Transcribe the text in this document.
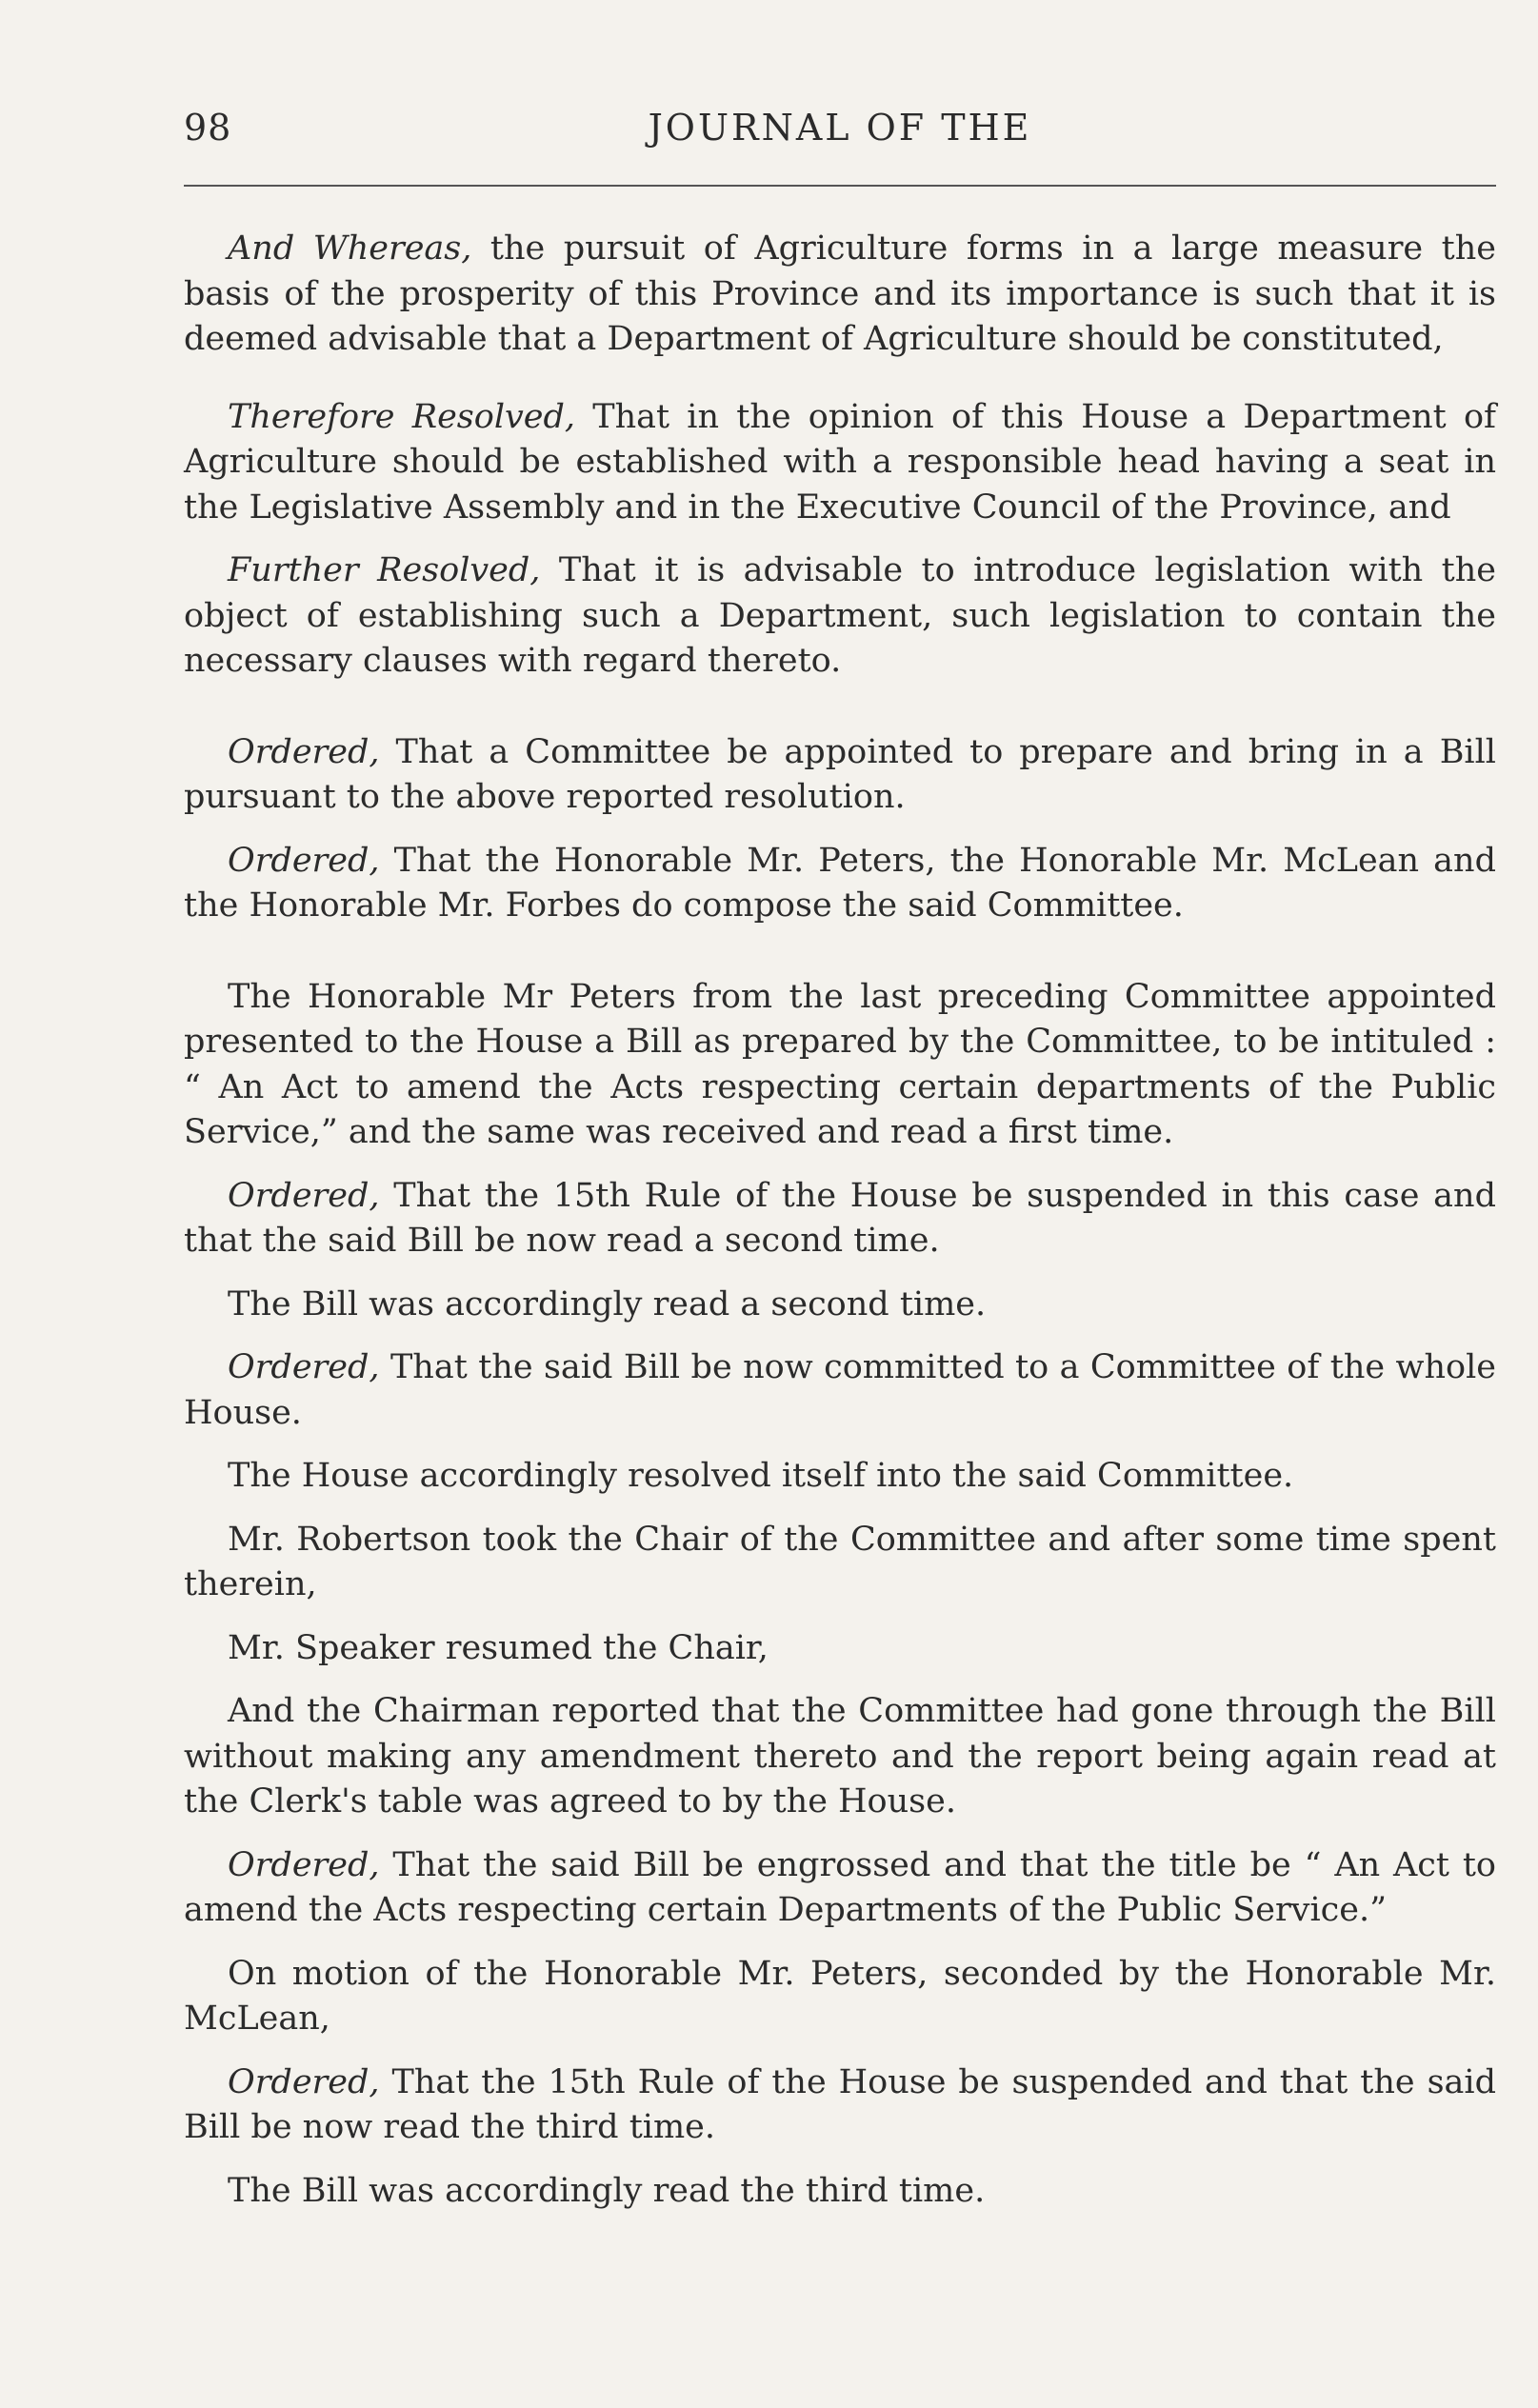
JOURNAL OF THE
98

And Whereas, the pursuit of Agriculture forms in a large measure the basis of the prosperity of this Province and its importance is such that it is deemed advisable that a Department of Agriculture should be constituted,

Therefore Resolved, That in the opinion of this House a Department of Agriculture should be established with a responsible head having a seat in the Legislative Assembly and in the Executive Council of the Province, and

Further Resolved, That it is advisable to introduce legislation with the object of establishing such a Department, such legislation to contain the necessary clauses with regard thereto.

Ordered, That a Committee be appointed to prepare and bring in a Bill pursuant to the above reported resolution.

Ordered, That the Honorable Mr. Peters, the Honorable Mr. McLean and the Honorable Mr. Forbes do compose the said Committee.

The Honorable Mr Peters from the last preceding Committee appointed presented to the House a Bill as prepared by the Committee, to be intituled : “ An Act to amend the Acts respecting certain departments of the Public Service,” and the same was received and read a first time.

Ordered, That the 15th Rule of the House be suspended in this case and that the said Bill be now read a second time.

The Bill was accordingly read a second time.

Ordered, That the said Bill be now committed to a Committee of the whole House.

The House accordingly resolved itself into the said Committee.

Mr. Robertson took the Chair of the Committee and after some time spent therein,

Mr. Speaker resumed the Chair,

And the Chairman reported that the Committee had gone through the Bill without making any amendment thereto and the report being again read at the Clerk's table was agreed to by the House.

Ordered, That the said Bill be engrossed and that the title be “ An Act to amend the Acts respecting certain Departments of the Public Service.”

On motion of the Honorable Mr. Peters, seconded by the Honorable Mr. McLean,

Ordered, That the 15th Rule of the House be suspended and that the said Bill be now read the third time.

The Bill was accordingly read the third time.
